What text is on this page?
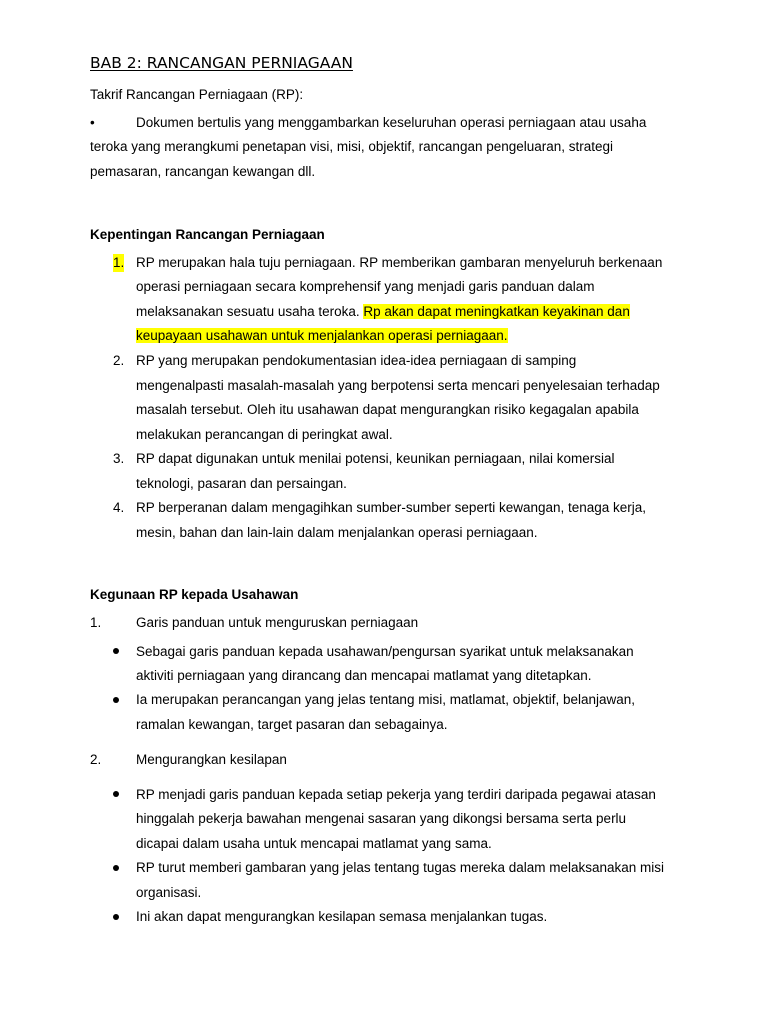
BAB 2: RANCANGAN PERNIAGAAN
Takrif Rancangan Perniagaan (RP):
•	Dokumen bertulis yang menggambarkan keseluruhan operasi perniagaan atau usaha
teroka yang merangkumi penetapan visi, misi, objektif, rancangan pengeluaran, strategi
pemasaran, rancangan kewangan dll.
Kepentingan Rancangan Perniagaan
1. RP merupakan hala tuju perniagaan. RP memberikan gambaran menyeluruh berkenaan
operasi perniagaan secara komprehensif yang menjadi garis panduan dalam
melaksanakan sesuatu usaha teroka. Rp akan dapat meningkatkan keyakinan dan
keupayaan usahawan untuk menjalankan operasi perniagaan.
2. RP yang merupakan pendokumentasian idea-idea perniagaan di samping
mengenalpasti masalah-masalah yang berpotensi serta mencari penyelesaian terhadap
masalah tersebut. Oleh itu usahawan dapat mengurangkan risiko kegagalan apabila
melakukan perancangan di peringkat awal.
3. RP dapat digunakan untuk menilai potensi, keunikan perniagaan, nilai komersial
teknologi, pasaran dan persaingan.
4. RP berperanan dalam mengagihkan sumber-sumber seperti kewangan, tenaga kerja,
mesin, bahan dan lain-lain dalam menjalankan operasi perniagaan.
Kegunaan RP kepada Usahawan
1.	Garis panduan untuk menguruskan perniagaan
Sebagai garis panduan kepada usahawan/pengursan syarikat untuk melaksanakan
aktiviti perniagaan yang dirancang dan mencapai matlamat yang ditetapkan.
Ia merupakan perancangan yang jelas tentang misi, matlamat, objektif, belanjawan,
ramalan kewangan, target pasaran dan sebagainya.
2.	Mengurangkan kesilapan
RP menjadi garis panduan kepada setiap pekerja yang terdiri daripada pegawai atasan
hinggalah pekerja bawahan mengenai sasaran yang dikongsi bersama serta perlu
dicapai dalam usaha untuk mencapai matlamat yang sama.
RP turut memberi gambaran yang jelas tentang tugas mereka dalam melaksanakan misi
organisasi.
Ini akan dapat mengurangkan kesilapan semasa menjalankan tugas.
